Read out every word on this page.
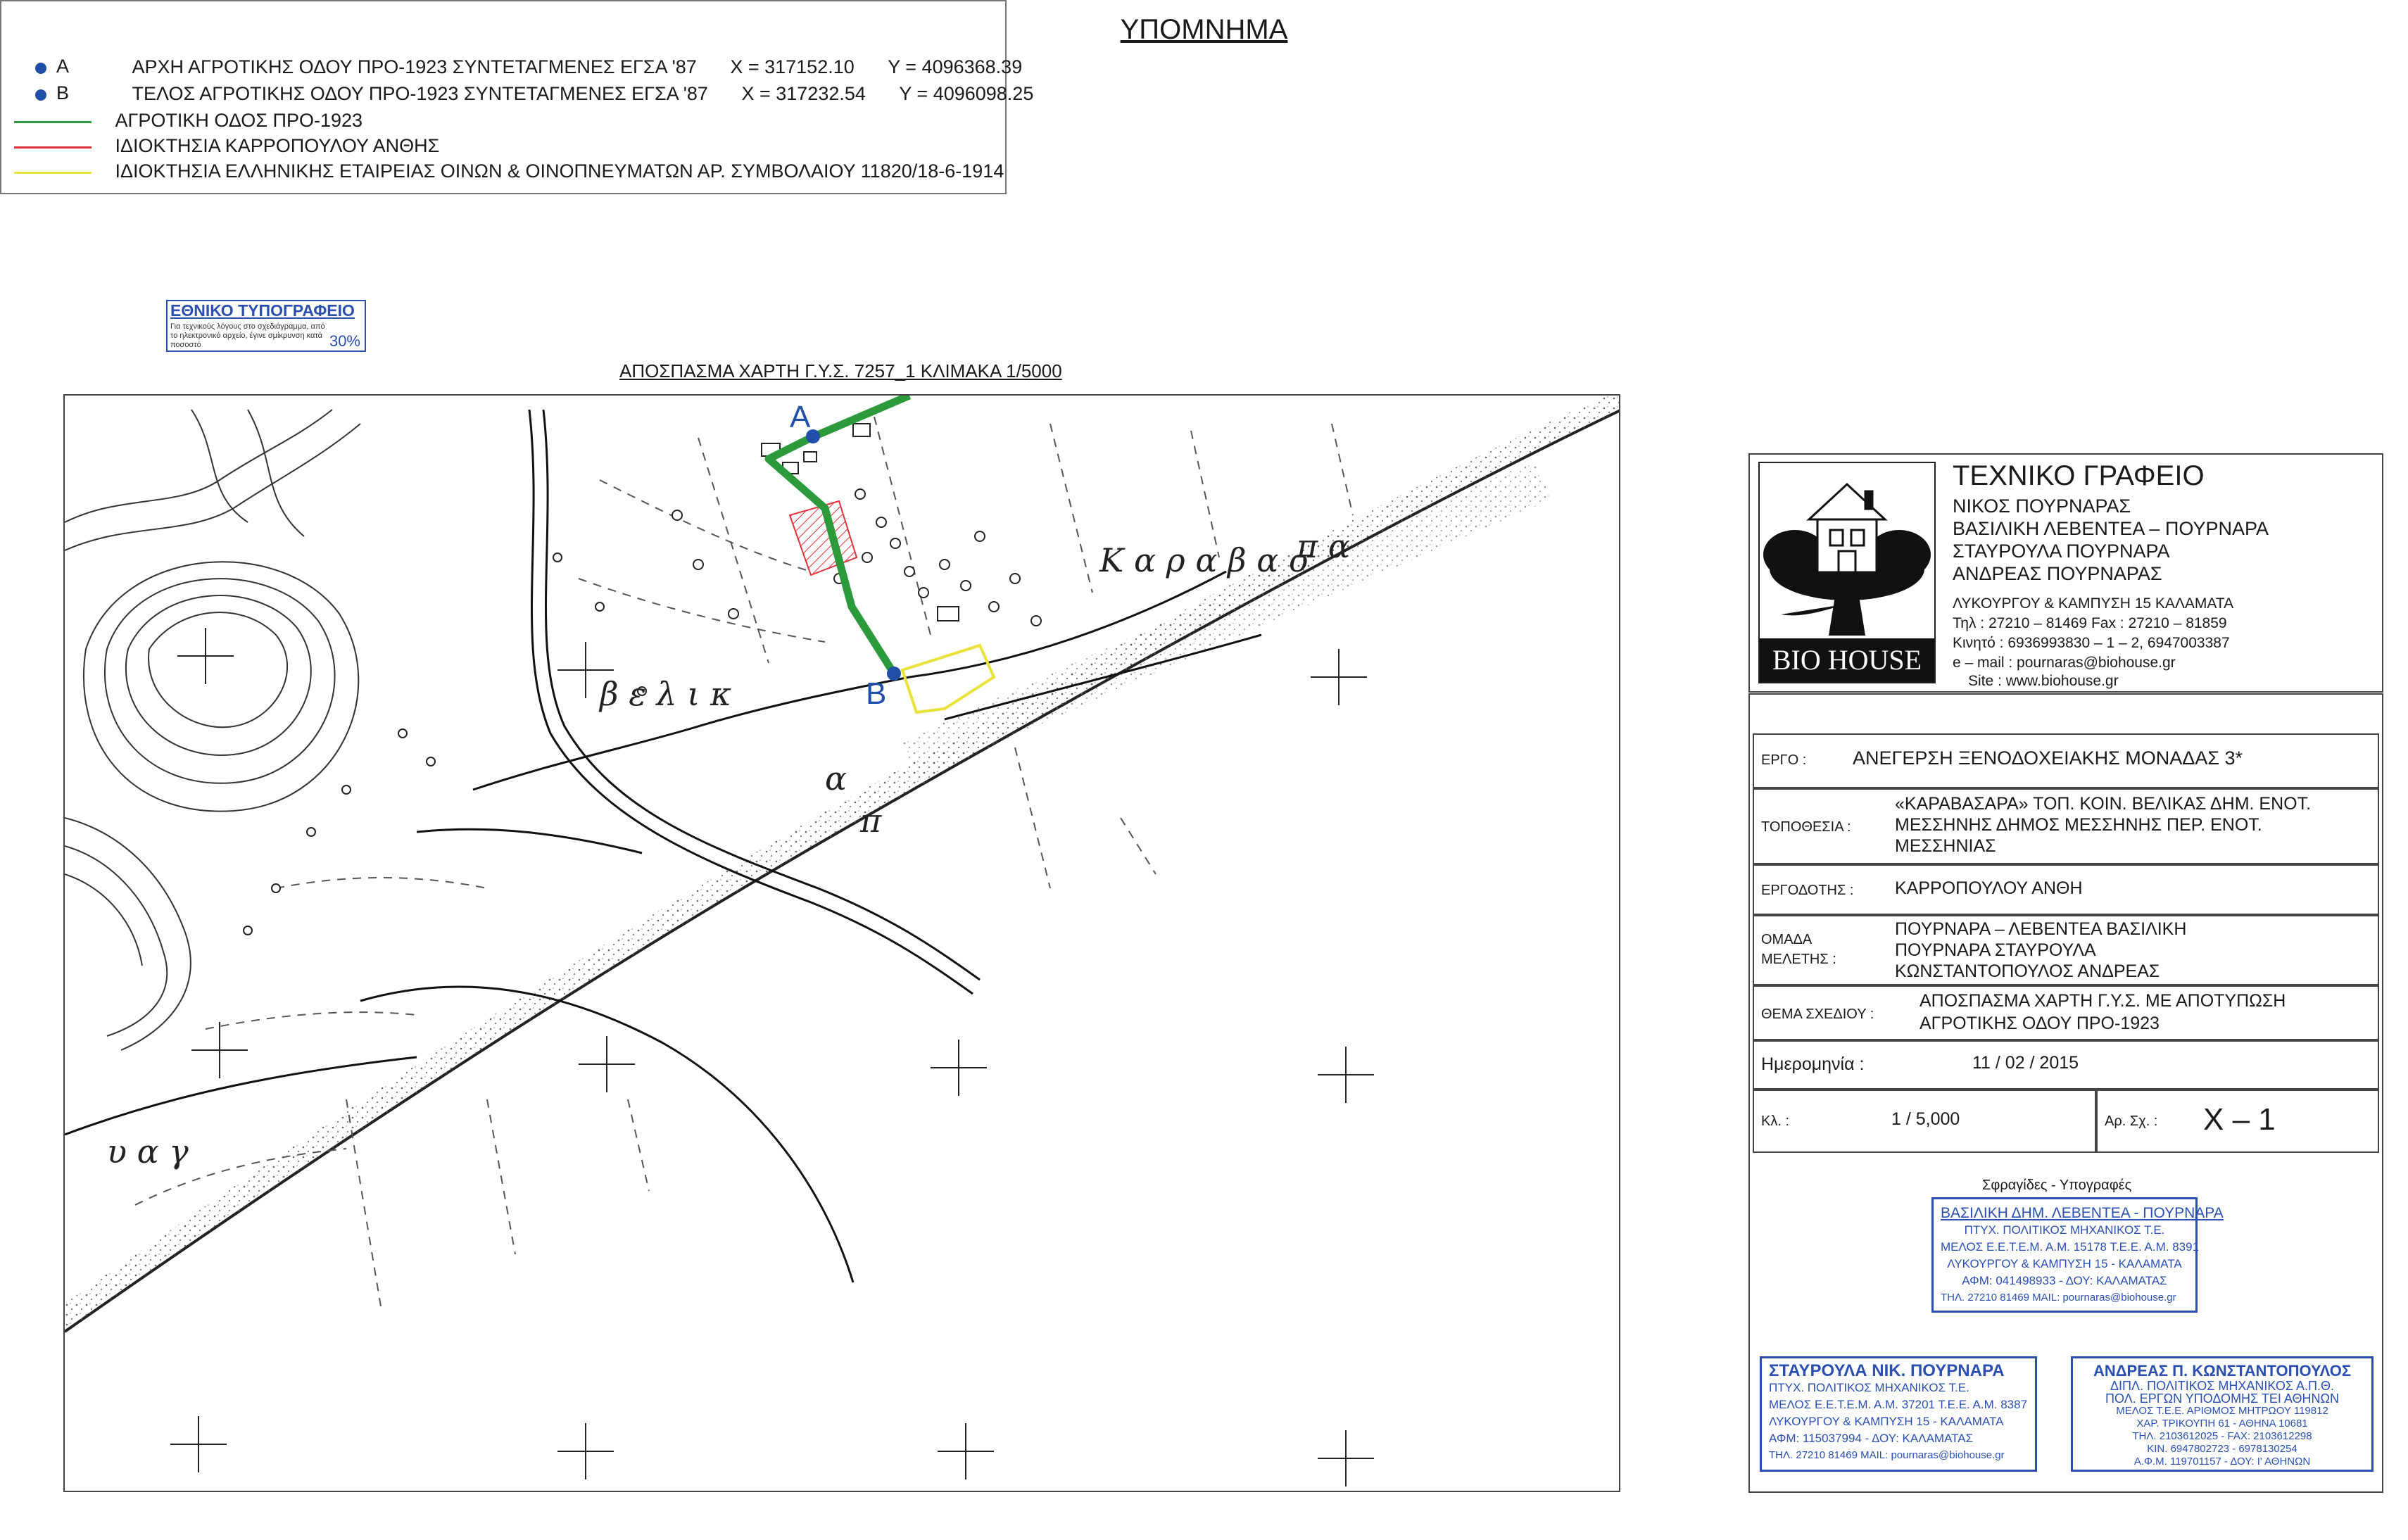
ΥΠΟΜΝΗΜΑ
A	ΑΡΧΗ ΑΓΡΟΤΙΚΗΣ ΟΔΟΥ ΠΡΟ-1923 ΣΥΝΤΕΤΑΓΜΕΝΕΣ ΕΓΣΑ '87 X = 317152.10 Y = 4096368.39
B	ΤΕΛΟΣ ΑΓΡΟΤΙΚΗΣ ΟΔΟΥ ΠΡΟ-1923 ΣΥΝΤΕΤΑΓΜΕΝΕΣ ΕΓΣΑ '87 X = 317232.54 Y = 4096098.25
ΑΓΡΟΤΙΚΗ ΟΔΟΣ ΠΡΟ-1923
ΙΔΙΟΚΤΗΣΙΑ ΚΑΡΡΟΠΟΥΛΟΥ ΑΝΘΗΣ
ΙΔΙΟΚΤΗΣΙΑ ΕΛΛΗΝΙΚΗΣ ΕΤΑΙΡΕΙΑΣ ΟΙΝΩΝ & ΟΙΝΟΠΝΕΥΜΑΤΩΝ ΑΡ. ΣΥΜΒΟΛΑΙΟΥ 11820/18-6-1914
ΕΘΝΙΚΟ ΤΥΠΟΓΡΑΦΕΙΟ
Για τεχνικούς λόγους στο σχεδιάγραμμα, από το ηλεκτρονικό αρχείο, έγινε σμίκρυνση κατά ποσοστό	30%
ΑΠΟΣΠΑΣΜΑ ΧΑΡΤΗ Γ.Υ.Σ. 7257_1 ΚΛΙΜΑΚΑ 1/5000
β ε λ ι κ
Κ α ρ α β α σ
π α
α
π
υ α γ
A
B
BIO HOUSE
ΤΕΧΝΙΚΟ ΓΡΑΦΕΙΟ
ΝΙΚΟΣ ΠΟΥΡΝΑΡΑΣ
ΒΑΣΙΛΙΚΗ ΛΕΒΕΝΤΕΑ – ΠΟΥΡΝΑΡΑ
ΣΤΑΥΡΟΥΛΑ ΠΟΥΡΝΑΡΑ
ΑΝΔΡΕΑΣ ΠΟΥΡΝΑΡΑΣ
ΛΥΚΟΥΡΓΟΥ & ΚΑΜΠΥΣΗ 15 ΚΑΛΑΜΑΤΑ
Τηλ : 27210 – 81469 Fax : 27210 – 81859
Κινητό : 6936993830 – 1 – 2, 6947003387
e – mail : pournaras@biohouse.gr
Site : www.biohouse.gr
ΕΡΓΟ : ΑΝΕΓΕΡΣΗ ΞΕΝΟΔΟΧΕΙΑΚΗΣ ΜΟΝΑΔΑΣ 3*
ΤΟΠΟΘΕΣΙΑ :
«ΚΑΡΑΒΑΣΑΡΑ» ΤΟΠ. ΚΟΙΝ. ΒΕΛΙΚΑΣ ΔΗΜ. ΕΝΟΤ.
ΜΕΣΣΗΝΗΣ ΔΗΜΟΣ ΜΕΣΣΗΝΗΣ ΠΕΡ. ΕΝΟΤ.
ΜΕΣΣΗΝΙΑΣ
ΕΡΓΟΔΟΤΗΣ : ΚΑΡΡΟΠΟΥΛΟΥ ΑΝΘΗ
ΟΜΑΔΑ
ΜΕΛΕΤΗΣ :
ΠΟΥΡΝΑΡΑ – ΛΕΒΕΝΤΕΑ ΒΑΣΙΛΙΚΗ
ΠΟΥΡΝΑΡΑ ΣΤΑΥΡΟΥΛΑ
ΚΩΝΣΤΑΝΤΟΠΟΥΛΟΣ ΑΝΔΡΕΑΣ
ΘΕΜΑ ΣΧΕΔΙΟΥ :
ΑΠΟΣΠΑΣΜΑ ΧΑΡΤΗ Γ.Υ.Σ. ΜΕ ΑΠΟΤΥΠΩΣΗ
ΑΓΡΟΤΙΚΗΣ ΟΔΟΥ ΠΡΟ-1923
Ημερομηνία :	11 / 02 / 2015
Κλ. :	1 / 5,000	Αρ. Σχ. : Χ – 1
Σφραγίδες - Υπογραφές
ΒΑΣΙΛΙΚΗ ΔΗΜ. ΛΕΒΕΝΤΕΑ - ΠΟΥΡΝΑΡΑ
ΠΤΥΧ. ΠΟΛΙΤΙΚΟΣ ΜΗΧΑΝΙΚΟΣ Τ.Ε.
ΜΕΛΟΣ Ε.Ε.Τ.Ε.Μ. Α.Μ. 15178 Τ.Ε.Ε. Α.Μ. 8391
ΛΥΚΟΥΡΓΟΥ & ΚΑΜΠΥΣΗ 15 - ΚΑΛΑΜΑΤΑ
ΑΦΜ: 041498933 - ΔΟΥ: ΚΑΛΑΜΑΤΑΣ
ΤΗΛ. 27210 81469 MAIL: pournaras@biohouse.gr
ΣΤΑΥΡΟΥΛΑ ΝΙΚ. ΠΟΥΡΝΑΡΑ
ΠΤΥΧ. ΠΟΛΙΤΙΚΟΣ ΜΗΧΑΝΙΚΟΣ Τ.Ε.
ΜΕΛΟΣ Ε.Ε.Τ.Ε.Μ. Α.Μ. 37201 Τ.Ε.Ε. Α.Μ. 8387
ΛΥΚΟΥΡΓΟΥ & ΚΑΜΠΥΣΗ 15 - ΚΑΛΑΜΑΤΑ
ΑΦΜ: 115037994 - ΔΟΥ: ΚΑΛΑΜΑΤΑΣ
ΤΗΛ. 27210 81469 MAIL: pournaras@biohouse.gr
ΑΝΔΡΕΑΣ Π. ΚΩΝΣΤΑΝΤΟΠΟΥΛΟΣ
ΔΙΠΛ. ΠΟΛΙΤΙΚΟΣ ΜΗΧΑΝΙΚΟΣ Α.Π.Θ.
ΠΟΛ. ΕΡΓΩΝ ΥΠΟΔΟΜΗΣ ΤΕΙ ΑΘΗΝΩΝ
ΜΕΛΟΣ Τ.Ε.Ε. ΑΡΙΘΜΟΣ ΜΗΤΡΩΟΥ 119812
ΧΑΡ. ΤΡΙΚΟΥΠΗ 61 - ΑΘΗΝΑ 10681
ΤΗΛ. 2103612025 - FAX: 2103612298
ΚΙΝ. 6947802723 - 6978130254
Α.Φ.Μ. 119701157 - ΔΟΥ: Ι' ΑΘΗΝΩΝ
